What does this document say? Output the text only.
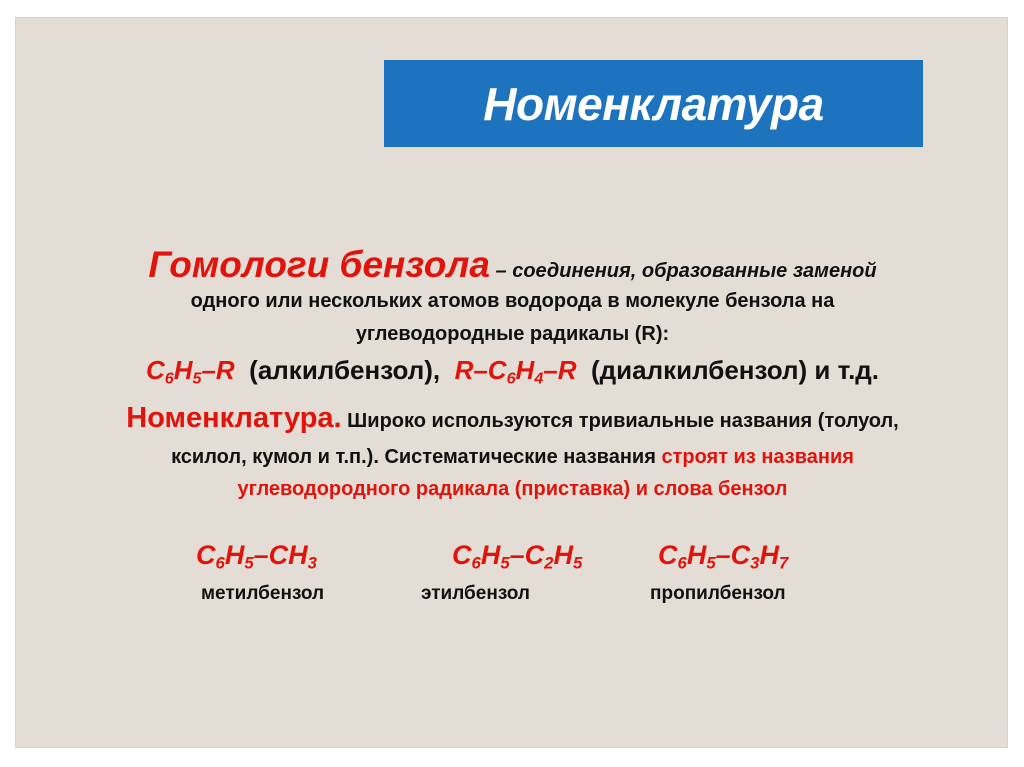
Номенклатура
Гомологи бензола – соединения, образованные заменой
одного или нескольких атомов водорода в молекуле бензола на
углеводородные радикалы (R):
$C_6H_5-R$ (алкилбензол), $R-C_6H_4-R$ (диалкилбензол) и т.д.
Номенклатура. Широко используются тривиальные названия (толуол,
ксилол, кумол и т.п.). Систематические названия строят из названия
углеводородного радикала (приставка) и слова бензол
$C_6H_5-CH_3$
метилбензол
$C_6H_5-C_2H_5$
этилбензол
$C_6H_5-C_3H_7$
пропилбензол
